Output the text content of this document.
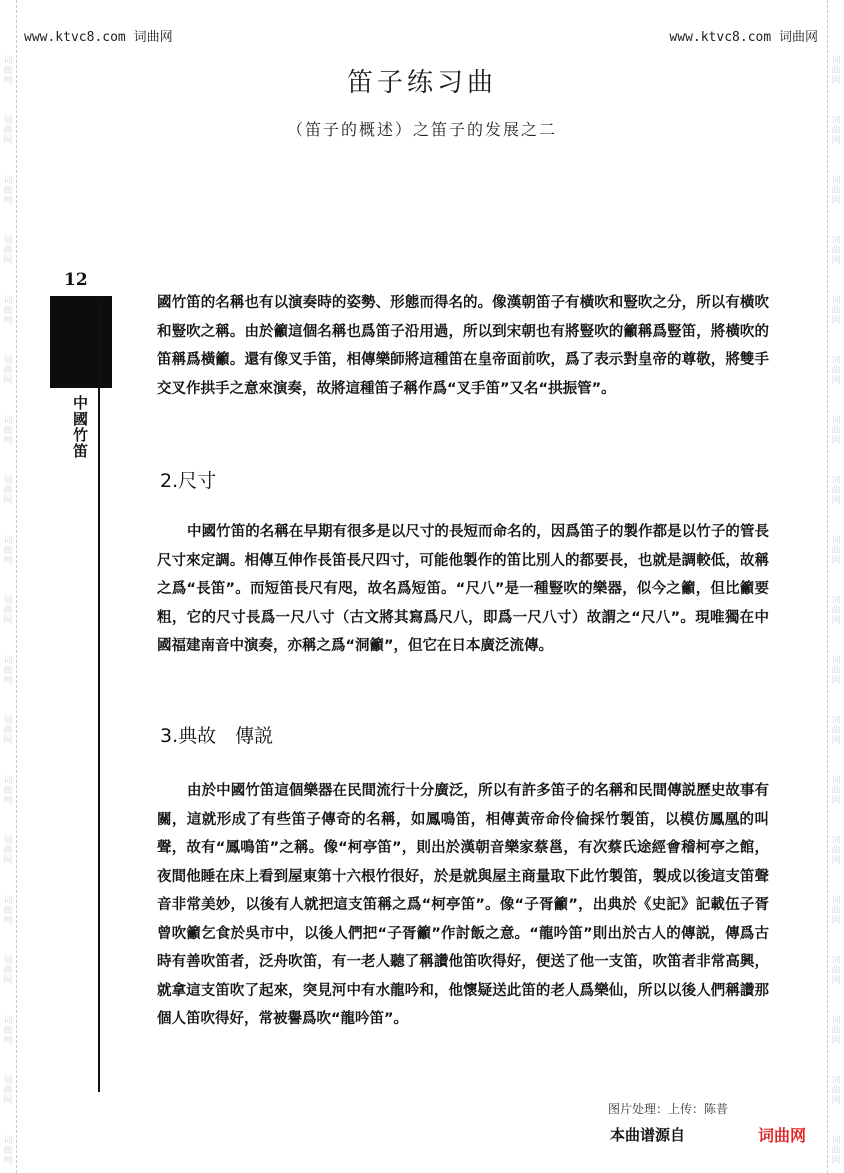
词
曲
网
词
曲
网
词
曲
网
词
曲
网
词
曲
网
词
曲
网
词
曲
网
词
曲
网
词
曲
网
词
曲
网
词
曲
网
词
曲
网
词
曲
网
词
曲
网
词
曲
网
词
曲
网
词
曲
网
词
曲
网
词
曲
网
词
曲
网
词
曲
网
词
曲
网
词
曲
网
词
曲
网
词
曲
网
词
曲
网
词
曲
网
词
曲
网
词
曲
网
词
曲
网
词
曲
网
词
曲
网
词
曲
网
词
曲
网
词
曲
网
词
曲
网
词
曲
网
词
曲
网
www.ktvc8.com 词曲网	www.ktvc8.com 词曲网
笛子练习曲
（笛子的概述）之笛子的发展之二
12
中國竹笛
國竹笛的名稱也有以演奏時的姿勢、形態而得名的。像漢朝笛子有橫吹和豎吹之分，所以有橫吹和豎吹之稱。由於籲這個名稱也爲笛子沿用過，所以到宋朝也有將豎吹的籲稱爲豎笛，將橫吹的笛稱爲橫籲。還有像叉手笛，相傳樂師將這種笛在皇帝面前吹，爲了表示對皇帝的尊敬，將雙手交叉作拱手之意來演奏，故將這種笛子稱作爲“叉手笛”又名“拱振管”。
2.尺寸
中國竹笛的名稱在早期有很多是以尺寸的長短而命名的，因爲笛子的製作都是以竹子的管長尺寸來定調。相傳互伸作長笛長尺四寸，可能他製作的笛比別人的都要長，也就是調較低，故稱之爲“長笛”。而短笛長尺有咫，故名爲短笛。“尺八”是一種豎吹的樂器，似今之籲，但比籲要粗，它的尺寸長爲一尺八寸（古文將其寫爲尺八，即爲一尺八寸）故謂之“尺八”。現唯獨在中國福建南音中演奏，亦稱之爲“洞籲”，但它在日本廣泛流傳。
3.典故　傳説
由於中國竹笛這個樂器在民間流行十分廣泛，所以有許多笛子的名稱和民間傳説歷史故事有關，這就形成了有些笛子傳奇的名稱，如鳳鳴笛，相傳黃帝命伶倫採竹製笛，以模仿鳳凰的叫聲，故有“鳳鳴笛”之稱。像“柯亭笛”，則出於漢朝音樂家蔡邕，有次蔡氏途經會稽柯亭之館，夜間他睡在床上看到屋東第十六根竹很好，於是就與屋主商量取下此竹製笛，製成以後這支笛聲音非常美妙，以後有人就把這支笛稱之爲“柯亭笛”。像“子胥籲”，出典於《史記》記載伍子胥曾吹籲乞食於吳市中，以後人們把“子胥籲”作討飯之意。“龍吟笛”則出於古人的傳説，傳爲古時有善吹笛者，泛舟吹笛，有一老人聽了稱讚他笛吹得好，便送了他一支笛，吹笛者非常高興，就拿這支笛吹了起來，突見河中有水龍吟和，他懷疑送此笛的老人爲樂仙，所以以後人們稱讚那個人笛吹得好，常被譽爲吹“龍吟笛”。
图片处理：上传：陈普
本曲谱源自	词曲网
